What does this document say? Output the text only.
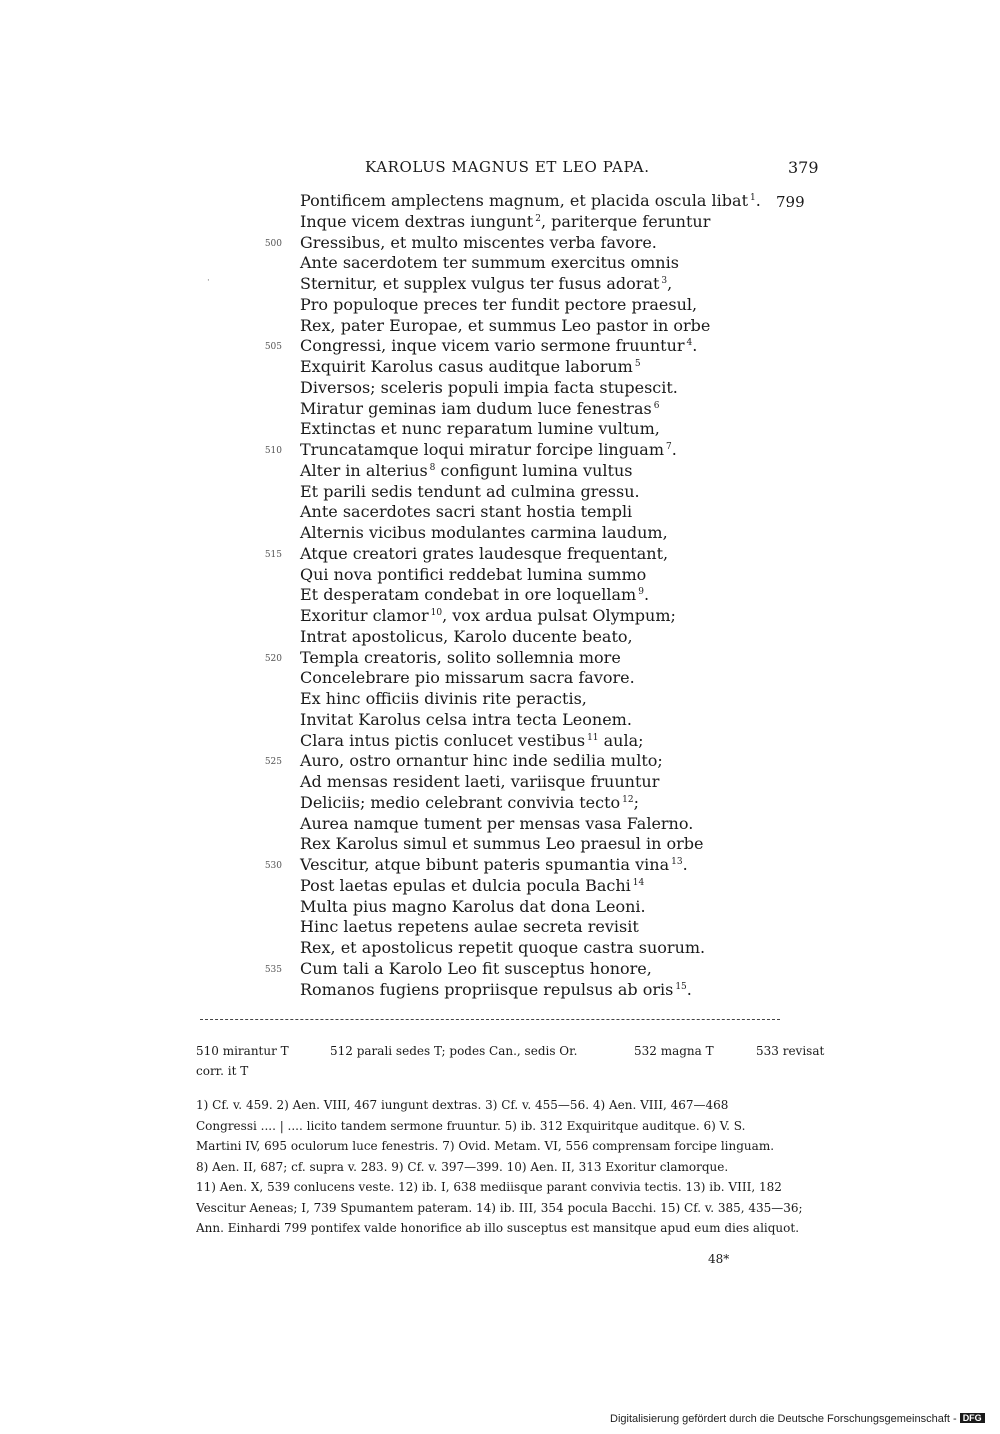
KAROLUS MAGNUS ET LEO PAPA.	379
799
·
Pontificem amplectens magnum, et placida oscula libat $^1$.
Inque vicem dextras iungunt $^2$, pariterque feruntur
500 Gressibus, et multo miscentes verba favore.
Ante sacerdotem ter summum exercitus omnis
Sternitur, et supplex vulgus ter fusus adorat $^3$,
Pro populoque preces ter fundit pectore praesul,
Rex, pater Europae, et summus Leo pastor in orbe
505 Congressi, inque vicem vario sermone fruuntur $^4$.
Exquirit Karolus casus auditque laborum $^5$
Diversos; sceleris populi impia facta stupescit.
Miratur geminas iam dudum luce fenestras $^6$
Extinctas et nunc reparatum lumine vultum,
510 Truncatamque loqui miratur forcipe linguam $^7$.
Alter in alterius $^8$ configunt lumina vultus
Et parili sedis tendunt ad culmina gressu.
Ante sacerdotes sacri stant hostia templi
Alternis vicibus modulantes carmina laudum,
515 Atque creatori grates laudesque frequentant,
Qui nova pontifici reddebat lumina summo
Et desperatam condebat in ore loquellam $^9$.
Exoritur clamor $^{10}$, vox ardua pulsat Olympum;
Intrat apostolicus, Karolo ducente beato,
520 Templa creatoris, solito sollemnia more
Concelebrare pio missarum sacra favore.
Ex hinc officiis divinis rite peractis,
Invitat Karolus celsa intra tecta Leonem.
Clara intus pictis conlucet vestibus $^{11}$ aula;
525 Auro, ostro ornantur hinc inde sedilia multo;
Ad mensas resident laeti, variisque fruuntur
Deliciis; medio celebrant convivia tecto $^{12}$;
Aurea namque tument per mensas vasa Falerno.
Rex Karolus simul et summus Leo praesul in orbe
530 Vescitur, atque bibunt pateris spumantia vina $^{13}$.
Post laetas epulas et dulcia pocula Bachi $^{14}$
Multa pius magno Karolus dat dona Leoni.
Hinc laetus repetens aulae secreta revisit
Rex, et apostolicus repetit quoque castra suorum.
535 Cum tali a Karolo Leo fit susceptus honore,
Romanos fugiens propriisque repulsus ab oris $^{15}$.
510 mirantur T	512 parali sedes T; podes Can., sedis Or.	532 magna T	533 revisat
corr. it T
1) Cf. v. 459. 2) Aen. VIII, 467 iungunt dextras. 3) Cf. v. 455—56. 4) Aen. VIII, 467—468
Congressi .... | .... licito tandem sermone fruuntur. 5) ib. 312 Exquiritque auditque. 6) V. S.
Martini IV, 695 oculorum luce fenestris. 7) Ovid. Metam. VI, 556 comprensam forcipe linguam.
8) Aen. II, 687; cf. supra v. 283. 9) Cf. v. 397—399. 10) Aen. II, 313 Exoritur clamorque.
11) Aen. X, 539 conlucens veste. 12) ib. I, 638 mediisque parant convivia tectis. 13) ib. VIII, 182
Vescitur Aeneas; I, 739 Spumantem pateram. 14) ib. III, 354 pocula Bacchi. 15) Cf. v. 385, 435—36;
Ann. Einhardi 799 pontifex valde honorifice ab illo susceptus est mansitque apud eum dies aliquot.
48*
Digitalisierung gefördert durch die Deutsche Forschungsgemeinschaft - DFG
